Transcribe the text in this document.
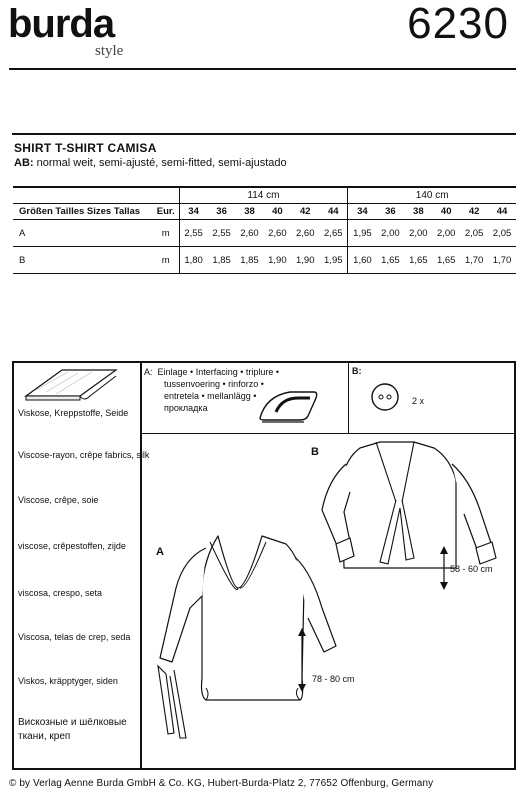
burda
style
6230
SHIRT T-SHIRT CAMISA
AB: normal weit, semi-ajusté, semi-fitted, semi-ajustado
		114 cm						140 cm					
Größen Tailles Sizes Tallas	Eur.	34	36	38	40	42	44	34	36	38	40	42	44
A	m	2,55	2,55	2,60	2,60	2,60	2,65	1,95	2,00	2,00	2,00	2,05	2,05
B	m	1,80	1,85	1,85	1,90	1,90	1,95	1,60	1,65	1,65	1,65	1,70	1,70
Viskose, Kreppstoffe, Seide
Viscose-rayon, crêpe fabrics, silk
Viscose, crêpe, soie
viscose, crêpestoffen, zijde
viscosa, crespo, seta
Viscosa, telas de crep, seda
Viskos, kräpptyger, siden
Вискозные и шёлковые
ткани, креп
A: Einlage • Interfacing • triplure •
tussenvoering • rinforzo •
entretela • mellanlägg •
прокладка
B:
2 x
A
B
78 - 80 cm
58 - 60 cm
© by Verlag Aenne Burda GmbH & Co. KG, Hubert-Burda-Platz 2, 77652 Offenburg, Germany
